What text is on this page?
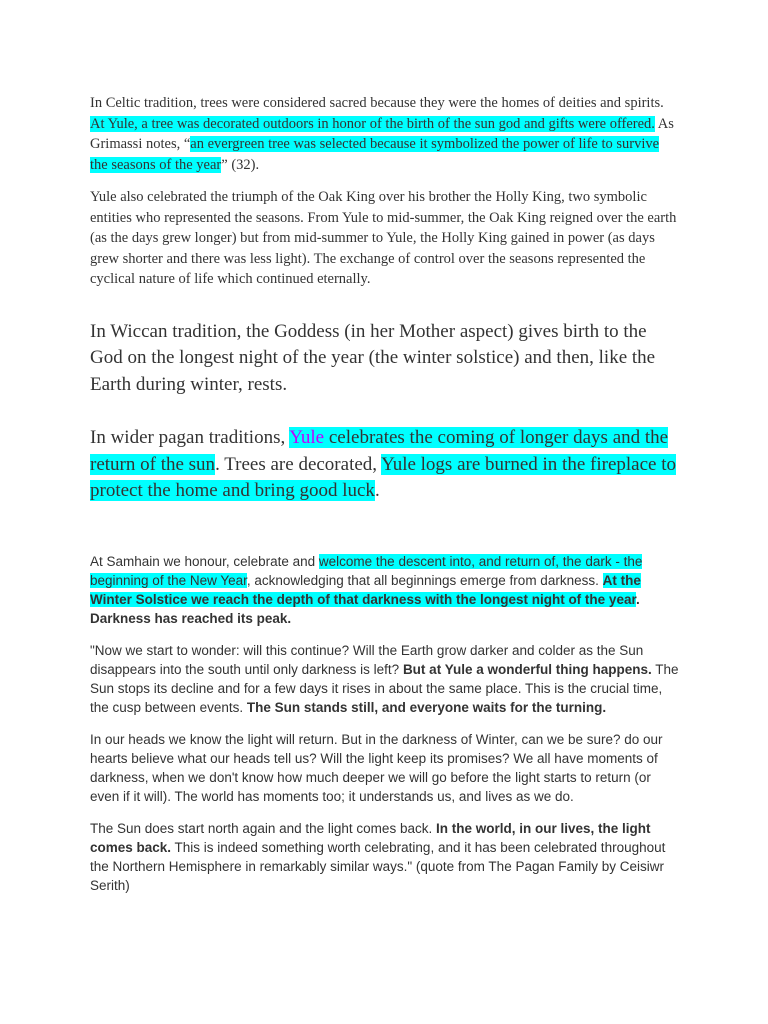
In Celtic tradition, trees were considered sacred because they were the homes of deities and spirits. At Yule, a tree was decorated outdoors in honor of the birth of the sun god and gifts were offered. As Grimassi notes, “an evergreen tree was selected because it symbolized the power of life to survive the seasons of the year” (32).

Yule also celebrated the triumph of the Oak King over his brother the Holly King, two symbolic entities who represented the seasons. From Yule to mid-summer, the Oak King reigned over the earth (as the days grew longer) but from mid-summer to Yule, the Holly King gained in power (as days grew shorter and there was less light). The exchange of control over the seasons represented the cyclical nature of life which continued eternally.

In Wiccan tradition, the Goddess (in her Mother aspect) gives birth to the God on the longest night of the year (the winter solstice) and then, like the Earth during winter, rests.

In wider pagan traditions, Yule celebrates the coming of longer days and the return of the sun. Trees are decorated, Yule logs are burned in the fireplace to protect the home and bring good luck.

At Samhain we honour, celebrate and welcome the descent into, and return of, the dark - the beginning of the New Year, acknowledging that all beginnings emerge from darkness. At the Winter Solstice we reach the depth of that darkness with the longest night of the year. Darkness has reached its peak.

"Now we start to wonder: will this continue? Will the Earth grow darker and colder as the Sun disappears into the south until only darkness is left? But at Yule a wonderful thing happens. The Sun stops its decline and for a few days it rises in about the same place. This is the crucial time, the cusp between events. The Sun stands still, and everyone waits for the turning.

In our heads we know the light will return. But in the darkness of Winter, can we be sure? do our hearts believe what our heads tell us? Will the light keep its promises? We all have moments of darkness, when we don't know how much deeper we will go before the light starts to return (or even if it will). The world has moments too; it understands us, and lives as we do.

The Sun does start north again and the light comes back. In the world, in our lives, the light comes back. This is indeed something worth celebrating, and it has been celebrated throughout the Northern Hemisphere in remarkably similar ways." (quote from The Pagan Family by Ceisiwr Serith)
